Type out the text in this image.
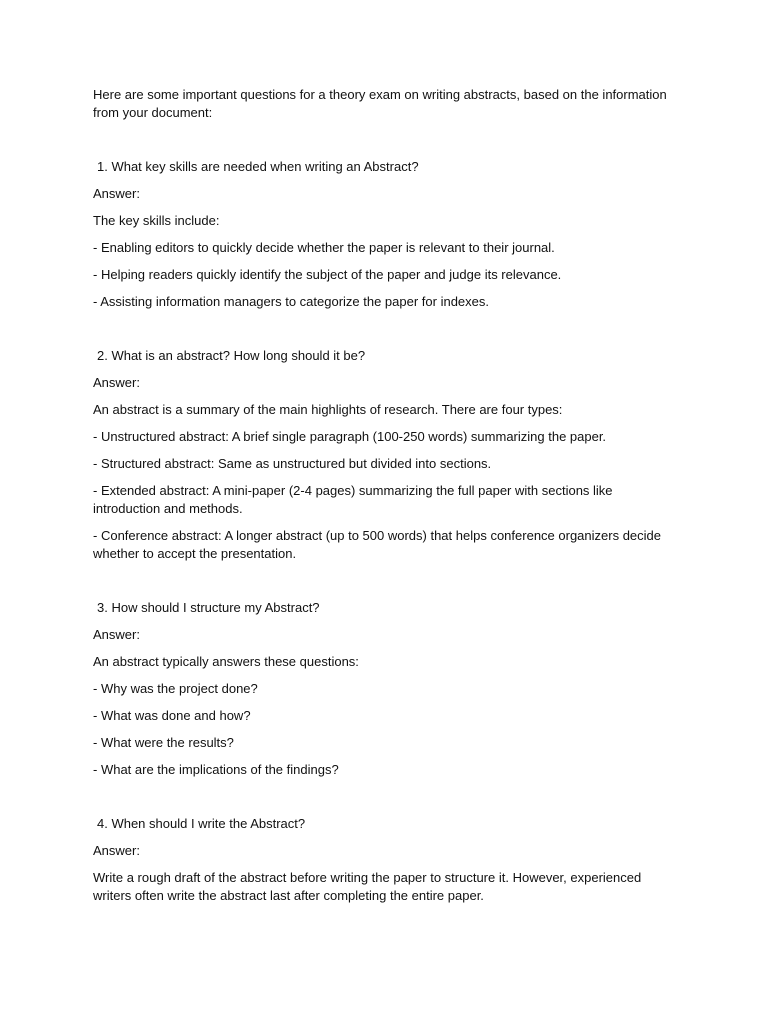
Here are some important questions for a theory exam on writing abstracts, based on the information from your document:

1. What key skills are needed when writing an Abstract?

Answer:

The key skills include:

- Enabling editors to quickly decide whether the paper is relevant to their journal.
- Helping readers quickly identify the subject of the paper and judge its relevance.
- Assisting information managers to categorize the paper for indexes.

2. What is an abstract? How long should it be?

Answer:

An abstract is a summary of the main highlights of research. There are four types:

- Unstructured abstract: A brief single paragraph (100-250 words) summarizing the paper.
- Structured abstract: Same as unstructured but divided into sections.
- Extended abstract: A mini-paper (2-4 pages) summarizing the full paper with sections like introduction and methods.
- Conference abstract: A longer abstract (up to 500 words) that helps conference organizers decide whether to accept the presentation.

3. How should I structure my Abstract?

Answer:

An abstract typically answers these questions:

- Why was the project done?
- What was done and how?
- What were the results?
- What are the implications of the findings?

4. When should I write the Abstract?

Answer:

Write a rough draft of the abstract before writing the paper to structure it. However, experienced writers often write the abstract last after completing the entire paper.
